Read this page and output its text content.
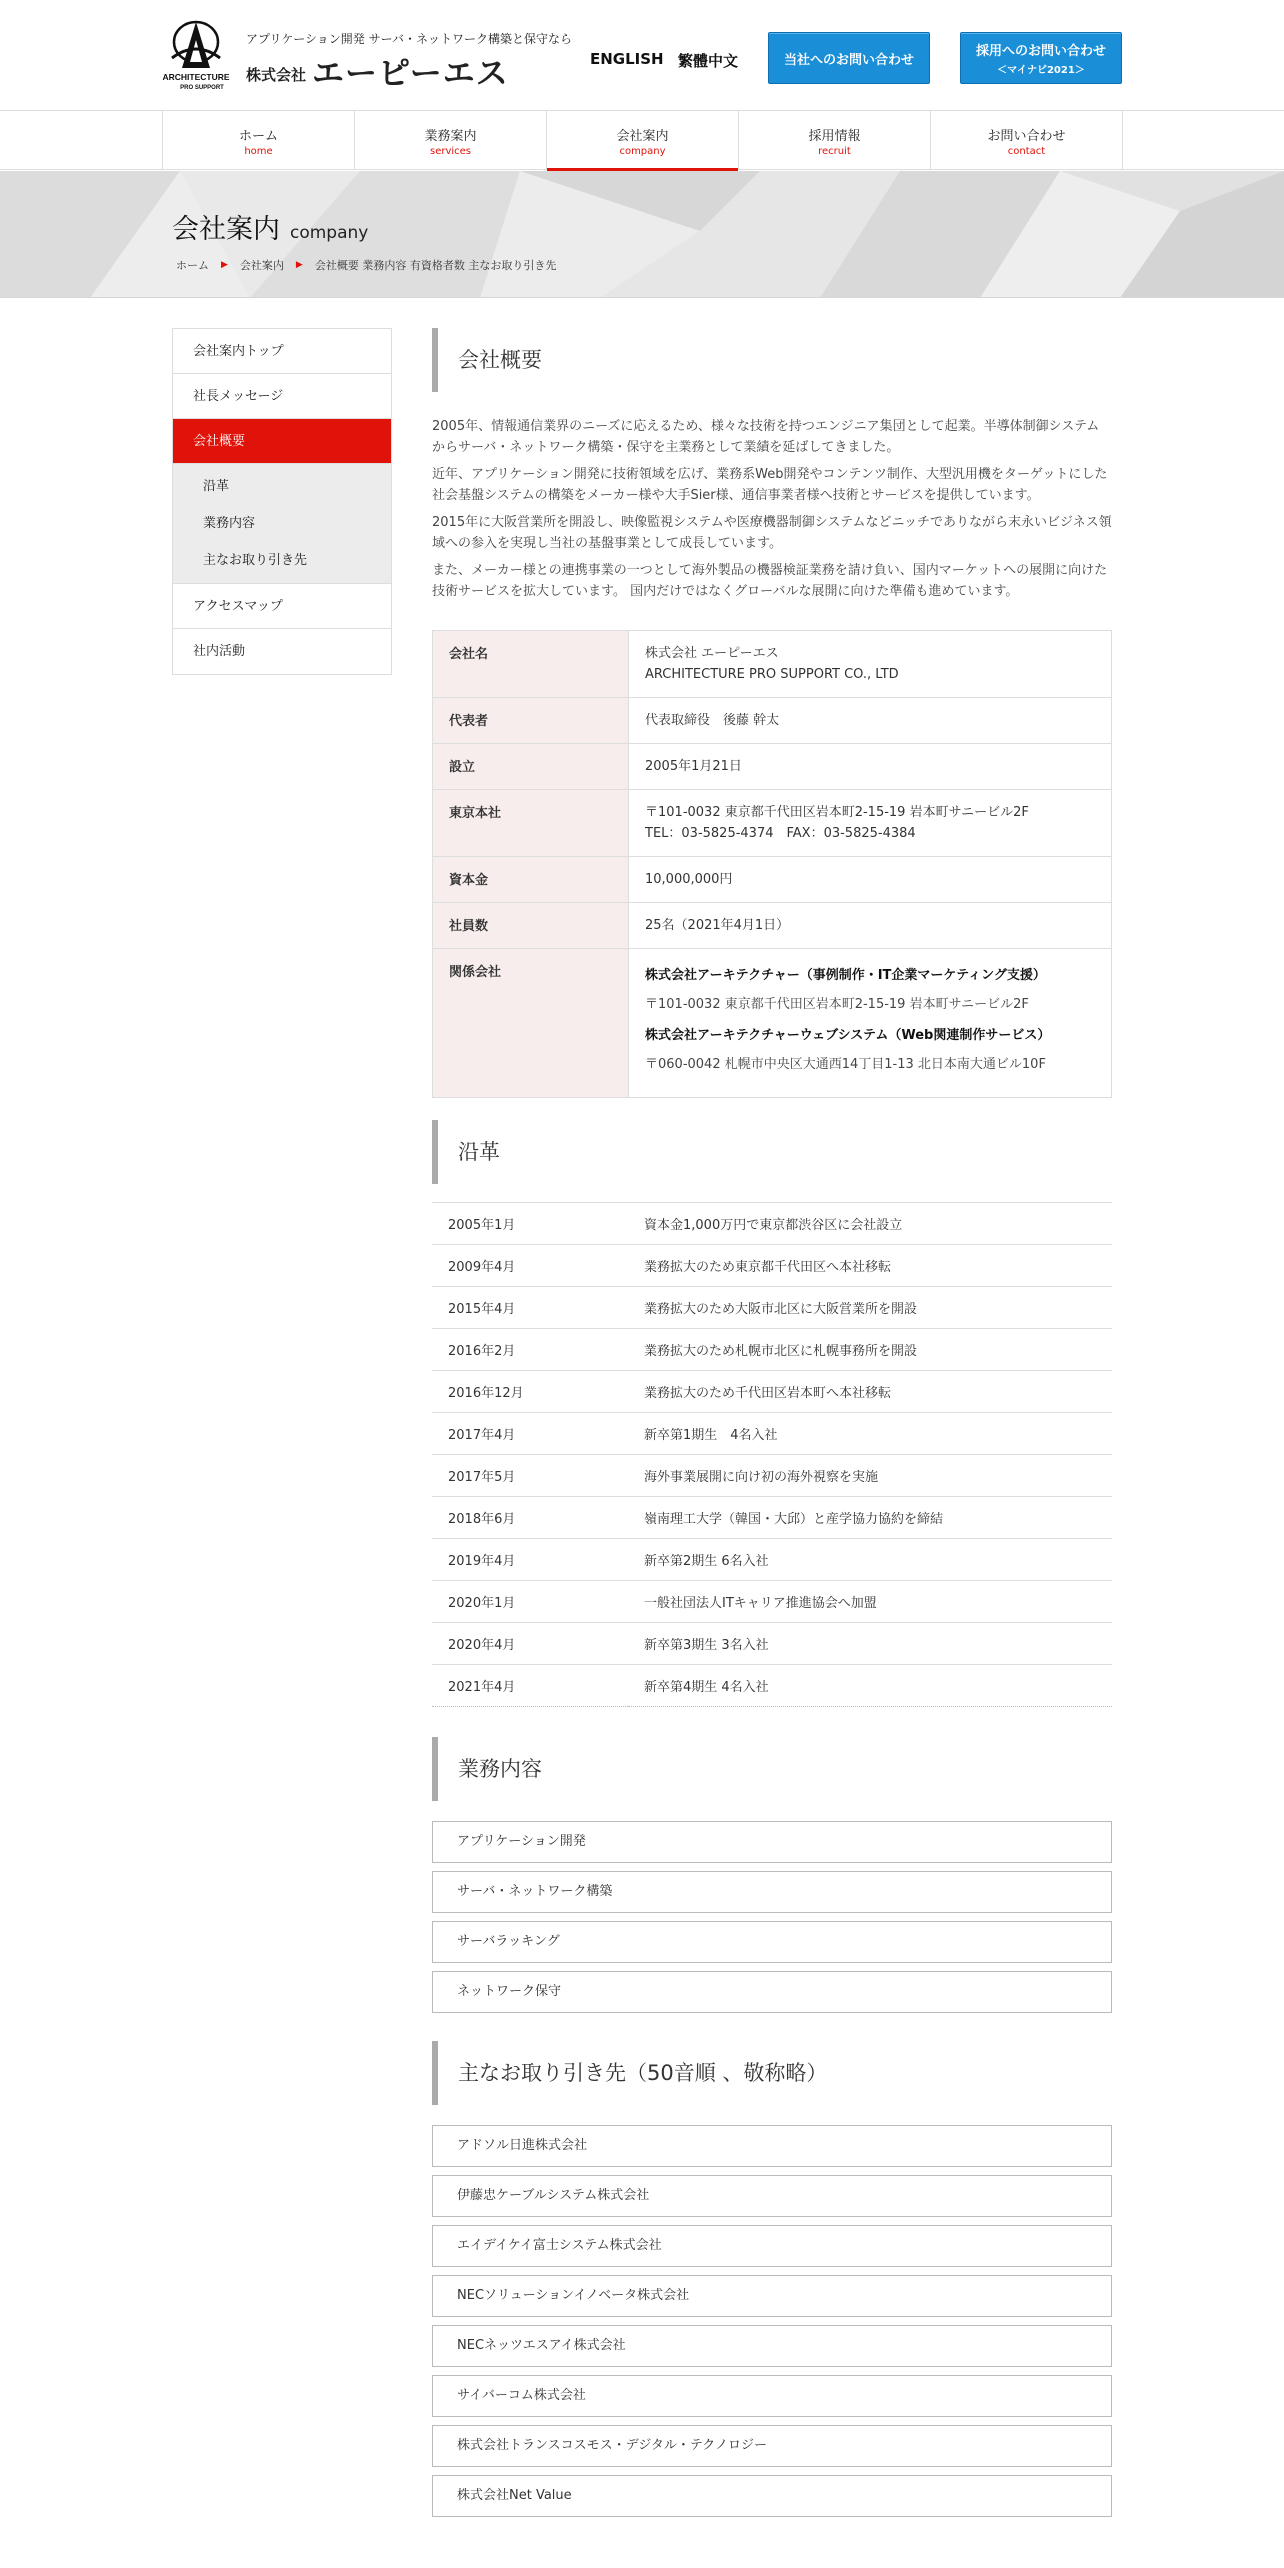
ARCHITECTURE
PRO SUPPORT
アプリケーション開発 サーバ・ネットワーク構築と保守なら
株式会社 エーピーエス	ENGLISH 繁體中文	当社へのお問い合わせ
採用へのお問い合わせ
＜マイナビ2021＞
ホーム
home
業務案内
services
会社案内
company
採用情報
recruit
お問い合わせ
contact
会社案内 company
ホーム ▶ 会社案内 ▶ 会社概要 業務内容 有資格者数 主なお取り引き先
会社案内トップ
社長メッセージ
会社概要
沿革
業務内容
主なお取り引き先
アクセスマップ
社内活動
会社概要

2005年、情報通信業界のニーズに応えるため、様々な技術を持つエンジニア集団として起業。半導体制御システムからサーバ・ネットワーク構築・保守を主業務として業績を延ばしてきました。

近年、アプリケーション開発に技術領域を広げ、業務系Web開発やコンテンツ制作、大型汎用機をターゲットにした社会基盤システムの構築をメーカー様や大手Sier様、通信事業者様へ技術とサービスを提供しています。

2015年に大阪営業所を開設し、映像監視システムや医療機器制御システムなどニッチでありながら末永いビジネス領域への参入を実現し当社の基盤事業として成長しています。

また、メーカー様との連携事業の一つとして海外製品の機器検証業務を請け負い、国内マーケットへの展開に向けた技術サービスを拡大しています。 国内だけではなくグローバルな展開に向けた準備も進めています。

会社名	株式会社 エーピーエス
ARCHITECTURE PRO SUPPORT CO., LTD

代表者	代表取締役　後藤 幹太
設立	2005年1月21日
東京本社	〒101-0032 東京都千代田区岩本町2-15-19 岩本町サニービル2F
TEL：03-5825-4374　FAX：03-5825-4384

資本金	10,000,000円
社員数	25名（2021年4月1日）
関係会社	株式会社アーキテクチャー（事例制作・IT企業マーケティング支援）
〒101-0032 東京都千代田区岩本町2-15-19 岩本町サニービル2F
株式会社アーキテクチャーウェブシステム（Web関連制作サービス）
〒060-0042 札幌市中央区大通西14丁目1-13 北日本南大通ビル10F
沿革
2005年1月	資本金1,000万円で東京都渋谷区に会社設立
2009年4月	業務拡大のため東京都千代田区へ本社移転
2015年4月	業務拡大のため大阪市北区に大阪営業所を開設
2016年2月	業務拡大のため札幌市北区に札幌事務所を開設
2016年12月	業務拡大のため千代田区岩本町へ本社移転
2017年4月	新卒第1期生　4名入社
2017年5月	海外事業展開に向け初の海外視察を実施
2018年6月	嶺南理工大学（韓国・大邱）と産学協力協約を締結
2019年4月	新卒第2期生 6名入社
2020年1月	一般社団法人ITキャリア推進協会へ加盟
2020年4月	新卒第3期生 3名入社
2021年4月	新卒第4期生 4名入社
業務内容
アプリケーション開発
サーバ・ネットワーク構築
サーバラッキング
ネットワーク保守
主なお取り引き先（50音順 、敬称略）
アドソル日進株式会社
伊藤忠ケーブルシステム株式会社
エイデイケイ富士システム株式会社
NECソリューションイノベータ株式会社
NECネッツエスアイ株式会社
サイバーコム株式会社
株式会社トランスコスモス・デジタル・テクノロジー
株式会社Net Value
